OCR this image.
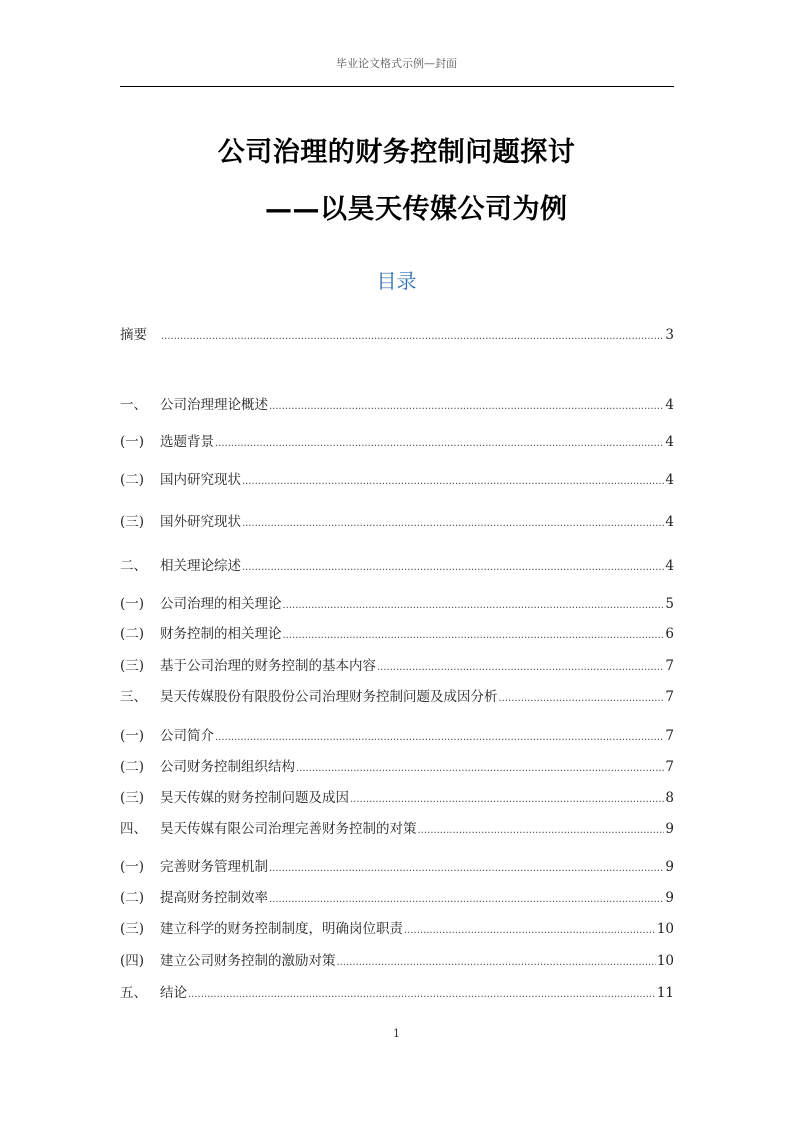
毕业论文格式示例—封面
公司治理的财务控制问题探讨
——以昊天传媒公司为例
目录
摘要 .....	3
一、 公司治理理论概述 .....	4
(一)	选题背景 .....	4
(二)	国内研究现状 .....	4
(三)	国外研究现状 .....	4
二、 相关理论综述 .....	4
(一)	公司治理的相关理论 .....	5
(二)	财务控制的相关理论 .....	6
(三)	基于公司治理的财务控制的基本内容 .....	7
三、 昊天传媒股份有限股份公司治理财务控制问题及成因分析 .....	7
(一)	公司简介 .....	7
(二)	公司财务控制组织结构 .....	7
(三)	昊天传媒的财务控制问题及成因 .....	8
四、 昊天传媒有限公司治理完善财务控制的对策 .....	9
(一)	完善财务管理机制 .....	9
(二)	提高财务控制效率 .....	9
(三)	建立科学的财务控制制度，明确岗位职责 .....	10
(四)	建立公司财务控制的激励对策 .....	10
五、 结论 .....	11
1
